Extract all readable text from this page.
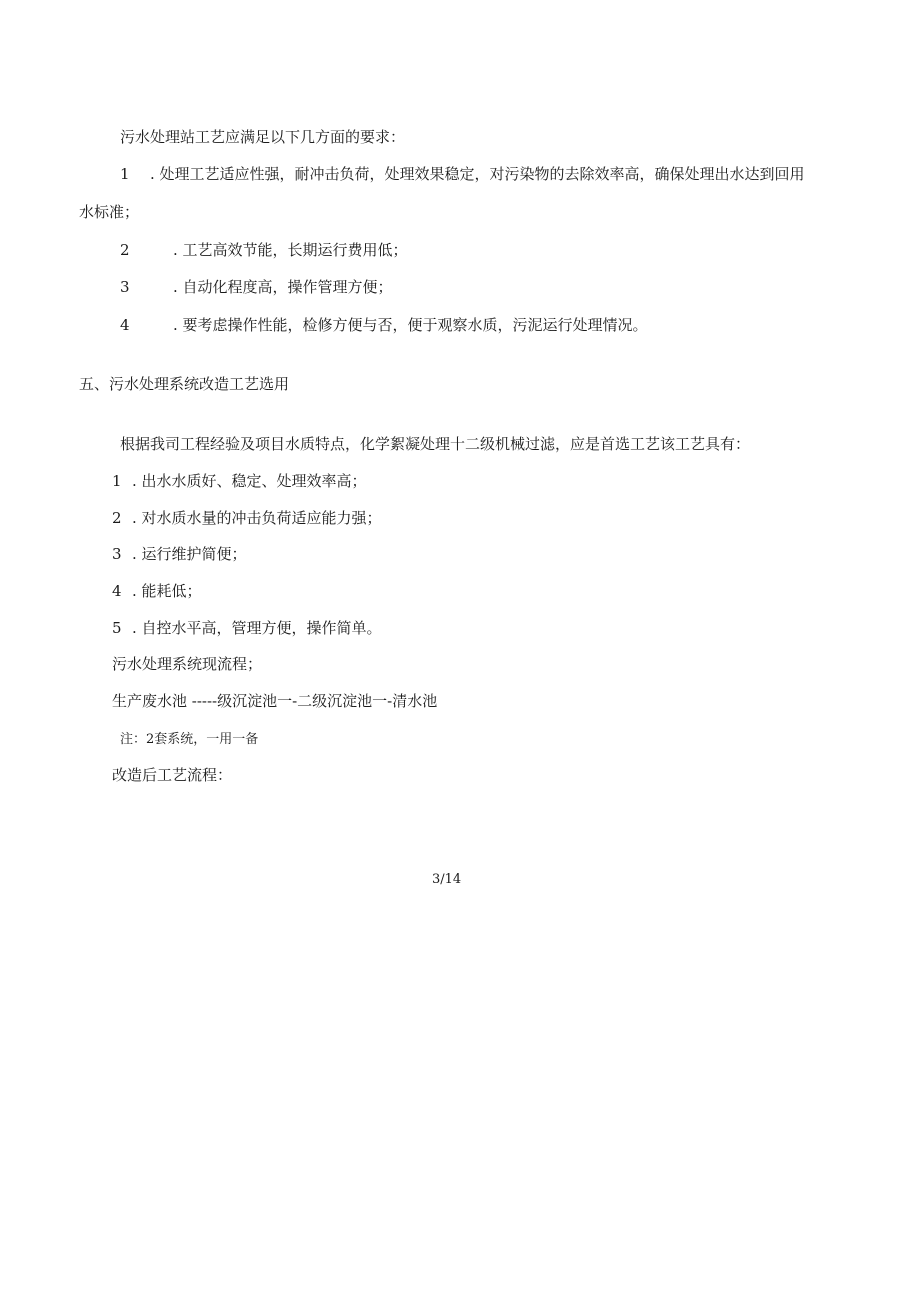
污水处理站工艺应满足以下几方面的要求：
1 . 处理工艺适应性强，耐冲击负荷，处理效果稳定，对污染物的去除效率高，确保处理出水达到回用
水标准；
2	. 工艺高效节能，长期运行费用低；
3	. 自动化程度高，操作管理方便；
4	. 要考虑操作性能，检修方便与否，便于观察水质，污泥运行处理情况。
五、污水处理系统改造工艺选用
根据我司工程经验及项目水质特点，化学絮凝处理十二级机械过滤，应是首选工艺该工艺具有：
1 . 出水水质好、稳定、处理效率高；
2 . 对水质水量的冲击负荷适应能力强；
3 . 运行维护简便；
4 . 能耗低；
5 . 自控水平高，管理方便，操作简单。
污水处理系统现流程；
生产废水池 -----级沉淀池一-二级沉淀池一-清水池
注：2套系统，一用一备
改造后工艺流程：
3/14
